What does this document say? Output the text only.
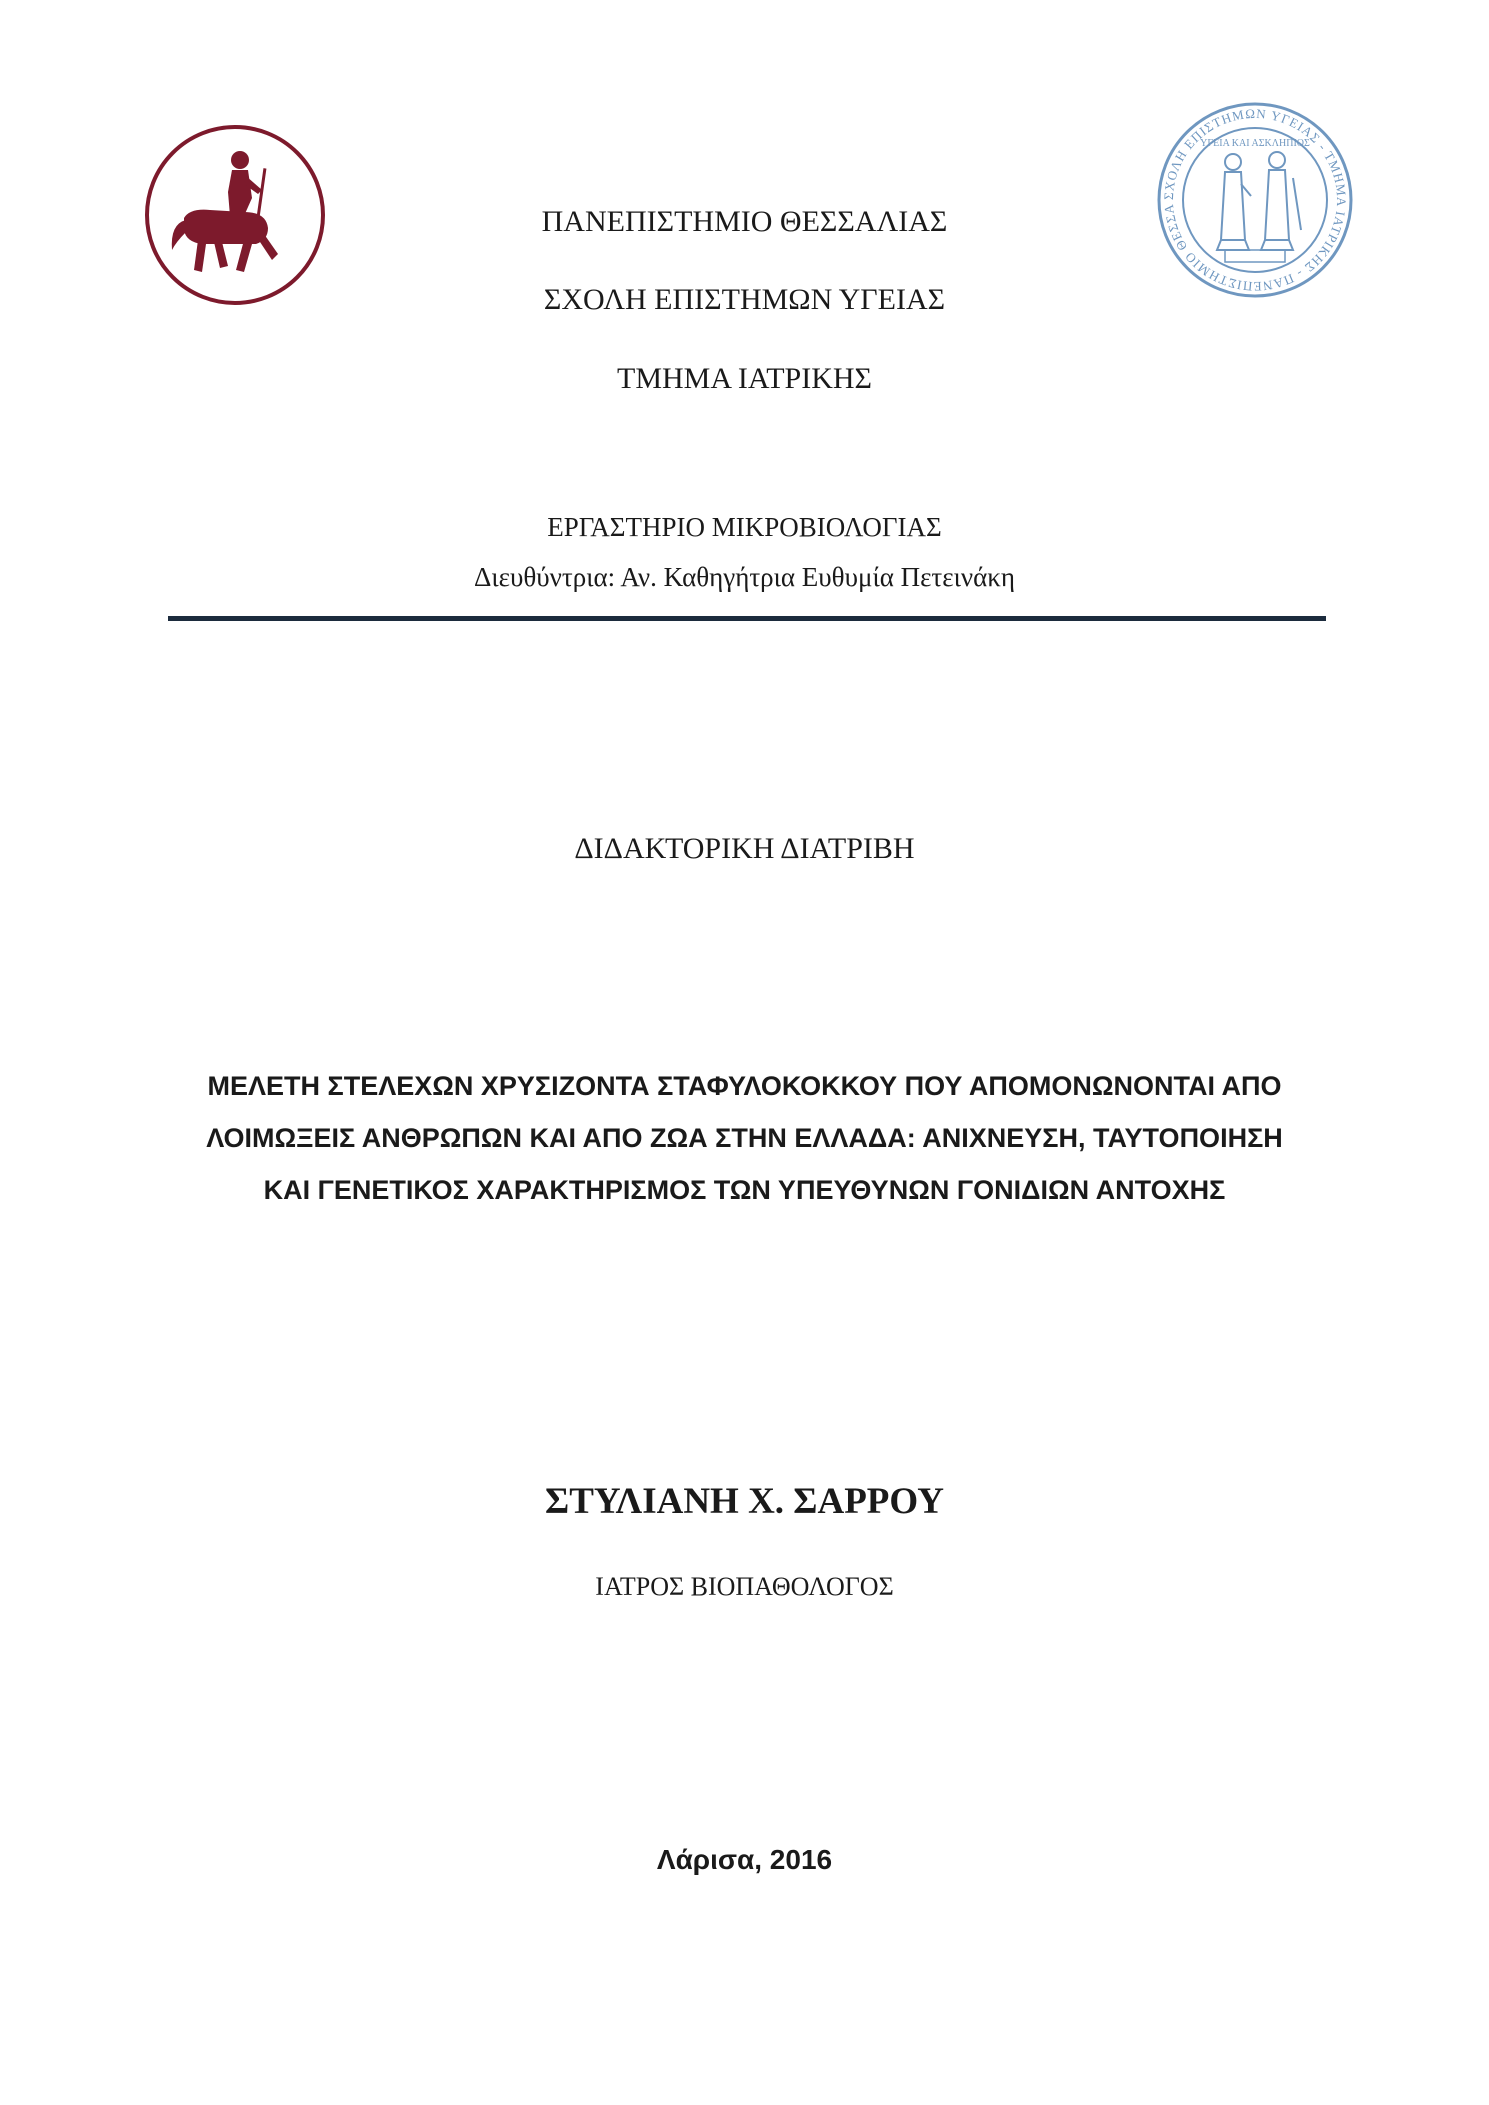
ΣΧΟΛΗ ΕΠΙΣΤΗΜΩΝ ΥΓΕΙΑΣ - ΤΜΗΜΑ ΙΑΤΡΙΚΗΣ - ΠΑΝΕΠΙΣΤΗΜΙΟ ΘΕΣΣΑ
ΥΓΕΙΑ ΚΑΙ ΑΣΚΛΗΠΙΟΣ
ΠΑΝΕΠΙΣΤΗΜΙΟ ΘΕΣΣΑΛΙΑΣ
ΣΧΟΛΗ ΕΠΙΣΤΗΜΩΝ ΥΓΕΙΑΣ
ΤΜΗΜΑ ΙΑΤΡΙΚΗΣ
ΕΡΓΑΣΤΗΡΙΟ ΜΙΚΡΟΒΙΟΛΟΓΙΑΣ
Διευθύντρια: Αν. Καθηγήτρια Ευθυμία Πετεινάκη
ΔΙΔΑΚΤΟΡΙΚΗ ΔΙΑΤΡΙΒΗ
ΜΕΛΕΤΗ ΣΤΕΛΕΧΩΝ ΧΡΥΣΙΖΟΝΤΑ ΣΤΑΦΥΛΟΚΟΚΚΟΥ ΠΟΥ ΑΠΟΜΟΝΩΝΟΝΤΑΙ ΑΠΟ
ΛΟΙΜΩΞΕΙΣ ΑΝΘΡΩΠΩΝ ΚΑΙ ΑΠΟ ΖΩΑ ΣΤΗΝ ΕΛΛΑΔΑ: ΑΝΙΧΝΕΥΣΗ, ΤΑΥΤΟΠΟΙΗΣΗ
ΚΑΙ ΓΕΝΕΤΙΚΟΣ ΧΑΡΑΚΤΗΡΙΣΜΟΣ ΤΩΝ ΥΠΕΥΘΥΝΩΝ ΓΟΝΙΔΙΩΝ ΑΝΤΟΧΗΣ
ΣΤΥΛΙΑΝΗ Χ. ΣΑΡΡΟΥ
ΙΑΤΡΟΣ ΒΙΟΠΑΘΟΛΟΓΟΣ
Λάρισα, 2016
